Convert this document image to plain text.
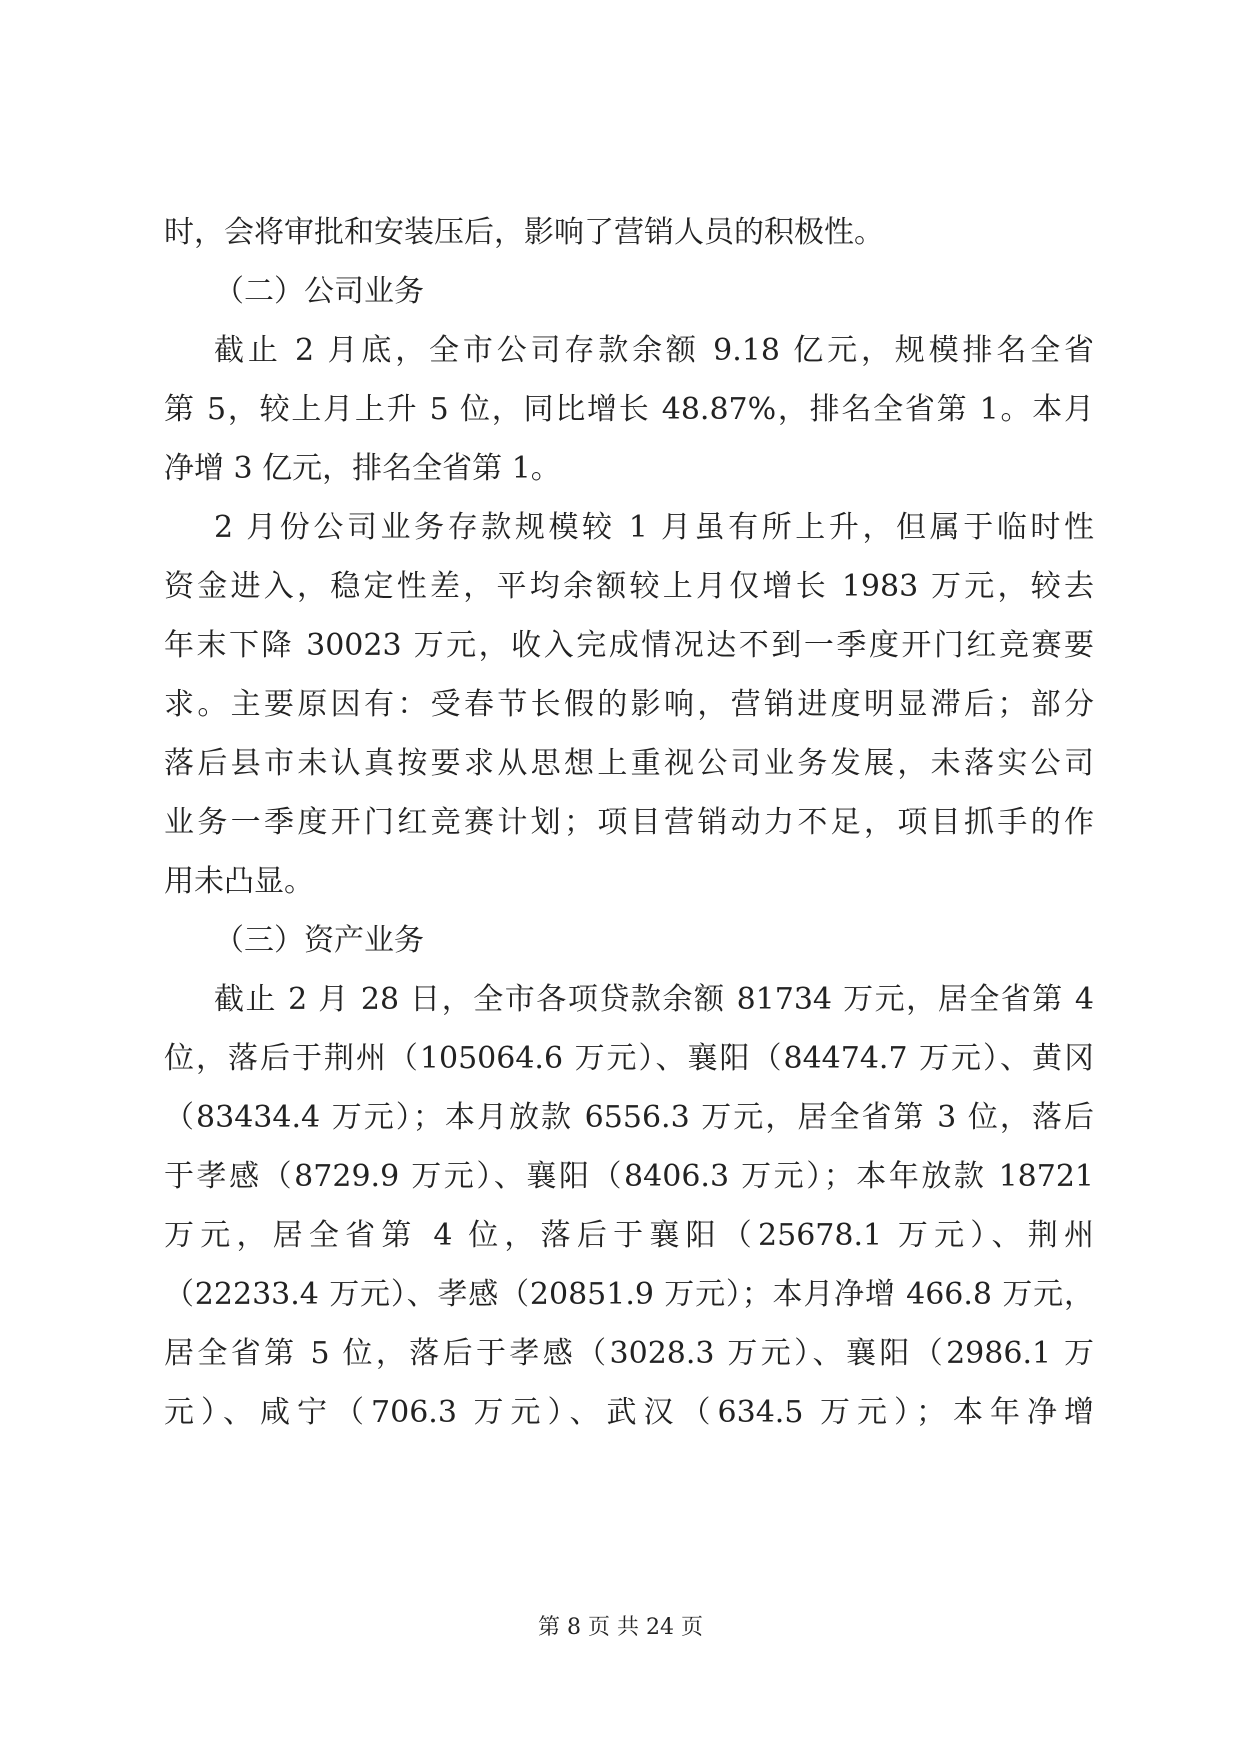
时，会将审批和安装压后，影响了营销人员的积极性。
（二）公司业务
截止 2 月底，全市公司存款余额 9.18 亿元，规模排名全省
第 5，较上月上升 5 位，同比增长 48.87%，排名全省第 1。本月
净增 3 亿元，排名全省第 1。
2 月份公司业务存款规模较 1 月虽有所上升，但属于临时性
资金进入，稳定性差，平均余额较上月仅增长 1983 万元，较去
年末下降 30023 万元，收入完成情况达不到一季度开门红竞赛要
求。主要原因有：受春节长假的影响，营销进度明显滞后；部分
落后县市未认真按要求从思想上重视公司业务发展，未落实公司
业务一季度开门红竞赛计划；项目营销动力不足，项目抓手的作
用未凸显。
（三）资产业务
截止 2 月 28 日，全市各项贷款余额 81734 万元，居全省第 4
位，落后于荆州（105064.6 万元）、襄阳（84474.7 万元）、黄冈
（83434.4 万元）；本月放款 6556.3 万元，居全省第 3 位，落后
于孝感（8729.9 万元）、襄阳（8406.3 万元）；本年放款 18721
万元，居全省第 4 位，落后于襄阳（25678.1 万元）、荆州
（22233.4 万元）、孝感（20851.9 万元）；本月净增 466.8 万元，
居全省第 5 位，落后于孝感（3028.3 万元）、襄阳（2986.1 万
元）、咸宁（706.3 万元）、武汉（634.5 万元）；本年净增
第 8 页 共 24 页
